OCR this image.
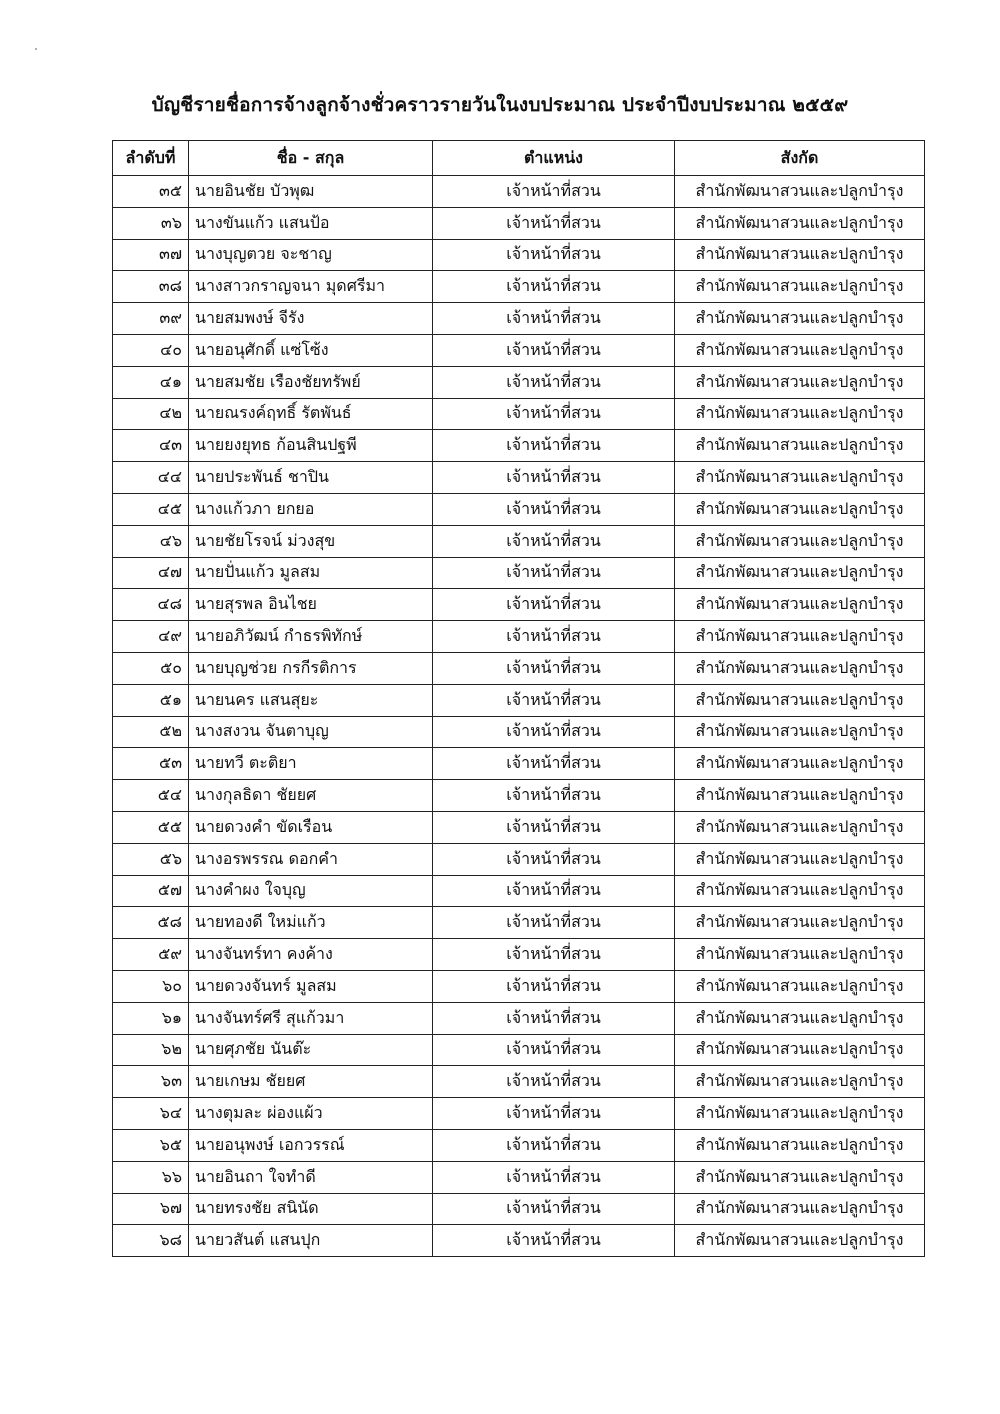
บัญชีรายชื่อการจ้างลูกจ้างชั่วคราวรายวันในงบประมาณ ประจำปีงบประมาณ ๒๕๕๙
ลำดับที่	ชื่อ - สกุล	ตำแหน่ง	สังกัด
๓๕	นายอินชัย บัวพุฒ	เจ้าหน้าที่สวน	สำนักพัฒนาสวนและปลูกบำรุง
๓๖	นางขันแก้ว แสนป้อ	เจ้าหน้าที่สวน	สำนักพัฒนาสวนและปลูกบำรุง
๓๗	นางบุญตวย จะชาญ	เจ้าหน้าที่สวน	สำนักพัฒนาสวนและปลูกบำรุง
๓๘	นางสาวกราญจนา มุดศรีมา	เจ้าหน้าที่สวน	สำนักพัฒนาสวนและปลูกบำรุง
๓๙	นายสมพงษ์ จีรัง	เจ้าหน้าที่สวน	สำนักพัฒนาสวนและปลูกบำรุง
๔๐	นายอนุศักดิ์ แซ่โซ้ง	เจ้าหน้าที่สวน	สำนักพัฒนาสวนและปลูกบำรุง
๔๑	นายสมชัย เรืองชัยทรัพย์	เจ้าหน้าที่สวน	สำนักพัฒนาสวนและปลูกบำรุง
๔๒	นายณรงค์ฤทธิ์ รัตพันธ์	เจ้าหน้าที่สวน	สำนักพัฒนาสวนและปลูกบำรุง
๔๓	นายยงยุทธ ก้อนสินปฐพี	เจ้าหน้าที่สวน	สำนักพัฒนาสวนและปลูกบำรุง
๔๔	นายประพันธ์ ชาปิน	เจ้าหน้าที่สวน	สำนักพัฒนาสวนและปลูกบำรุง
๔๕	นางแก้วภา ยกยอ	เจ้าหน้าที่สวน	สำนักพัฒนาสวนและปลูกบำรุง
๔๖	นายชัยโรจน์ ม่วงสุข	เจ้าหน้าที่สวน	สำนักพัฒนาสวนและปลูกบำรุง
๔๗	นายปั่นแก้ว มูลสม	เจ้าหน้าที่สวน	สำนักพัฒนาสวนและปลูกบำรุง
๔๘	นายสุรพล อินไชย	เจ้าหน้าที่สวน	สำนักพัฒนาสวนและปลูกบำรุง
๔๙	นายอภิวัฒน์ กำธรพิทักษ์	เจ้าหน้าที่สวน	สำนักพัฒนาสวนและปลูกบำรุง
๕๐	นายบุญช่วย กรกีรติการ	เจ้าหน้าที่สวน	สำนักพัฒนาสวนและปลูกบำรุง
๕๑	นายนคร แสนสุยะ	เจ้าหน้าที่สวน	สำนักพัฒนาสวนและปลูกบำรุง
๕๒	นางสงวน จันตาบุญ	เจ้าหน้าที่สวน	สำนักพัฒนาสวนและปลูกบำรุง
๕๓	นายทวี ตะติยา	เจ้าหน้าที่สวน	สำนักพัฒนาสวนและปลูกบำรุง
๕๔	นางกุลธิดา ชัยยศ	เจ้าหน้าที่สวน	สำนักพัฒนาสวนและปลูกบำรุง
๕๕	นายดวงคำ ขัดเรือน	เจ้าหน้าที่สวน	สำนักพัฒนาสวนและปลูกบำรุง
๕๖	นางอรพรรณ ดอกคำ	เจ้าหน้าที่สวน	สำนักพัฒนาสวนและปลูกบำรุง
๕๗	นางคำผง ใจบุญ	เจ้าหน้าที่สวน	สำนักพัฒนาสวนและปลูกบำรุง
๕๘	นายทองดี ใหม่แก้ว	เจ้าหน้าที่สวน	สำนักพัฒนาสวนและปลูกบำรุง
๕๙	นางจันทร์ทา คงค้าง	เจ้าหน้าที่สวน	สำนักพัฒนาสวนและปลูกบำรุง
๖๐	นายดวงจันทร์ มูลสม	เจ้าหน้าที่สวน	สำนักพัฒนาสวนและปลูกบำรุง
๖๑	นางจันทร์ศรี สุแก้วมา	เจ้าหน้าที่สวน	สำนักพัฒนาสวนและปลูกบำรุง
๖๒	นายศุภชัย นันต๊ะ	เจ้าหน้าที่สวน	สำนักพัฒนาสวนและปลูกบำรุง
๖๓	นายเกษม ชัยยศ	เจ้าหน้าที่สวน	สำนักพัฒนาสวนและปลูกบำรุง
๖๔	นางตุมละ ผ่องแผ้ว	เจ้าหน้าที่สวน	สำนักพัฒนาสวนและปลูกบำรุง
๖๕	นายอนุพงษ์ เอกวรรณ์	เจ้าหน้าที่สวน	สำนักพัฒนาสวนและปลูกบำรุง
๖๖	นายอินถา ใจทำดี	เจ้าหน้าที่สวน	สำนักพัฒนาสวนและปลูกบำรุง
๖๗	นายทรงชัย สนินัด	เจ้าหน้าที่สวน	สำนักพัฒนาสวนและปลูกบำรุง
๖๘	นายวสันต์ แสนปุก	เจ้าหน้าที่สวน	สำนักพัฒนาสวนและปลูกบำรุง
